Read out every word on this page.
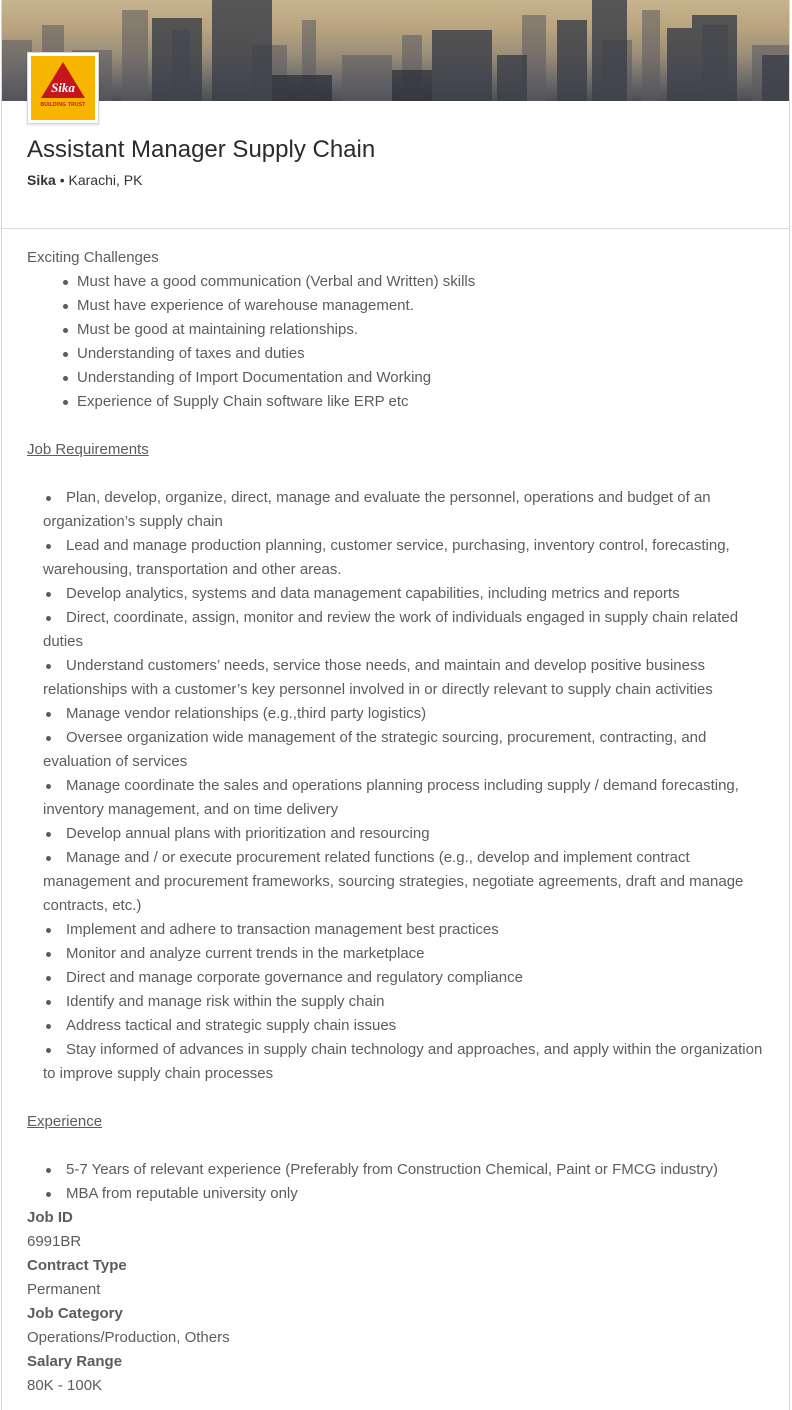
Sika
BUILDING TRUST
Assistant Manager Supply Chain
Sika • Karachi, PK
Exciting Challenges
Must have a good communication (Verbal and Written) skills
Must have experience of warehouse management.
Must be good at maintaining relationships.
Understanding of taxes and duties
Understanding of Import Documentation and Working
Experience of Supply Chain software like ERP etc
Job Requirements
Plan, develop, organize, direct, manage and evaluate the personnel, operations and budget of an organization’s supply chain
Lead and manage production planning, customer service, purchasing, inventory control, forecasting, warehousing, transportation and other areas.
Develop analytics, systems and data management capabilities, including metrics and reports
Direct, coordinate, assign, monitor and review the work of individuals engaged in supply chain related duties
Understand customers’ needs, service those needs, and maintain and develop positive business relationships with a customer’s key personnel involved in or directly relevant to supply chain activities
Manage vendor relationships (e.g.,third party logistics)
Oversee organization wide management of the strategic sourcing, procurement, contracting, and evaluation of services
Manage coordinate the sales and operations planning process including supply / demand forecasting, inventory management, and on time delivery
Develop annual plans with prioritization and resourcing
Manage and / or execute procurement related functions (e.g., develop and implement contract management and procurement frameworks, sourcing strategies, negotiate agreements, draft and manage contracts, etc.)
Implement and adhere to transaction management best practices
Monitor and analyze current trends in the marketplace
Direct and manage corporate governance and regulatory compliance
Identify and manage risk within the supply chain
Address tactical and strategic supply chain issues
Stay informed of advances in supply chain technology and approaches, and apply within the organization to improve supply chain processes
Experience
5-7 Years of relevant experience (Preferably from Construction Chemical, Paint or FMCG industry)
MBA from reputable university only
Job ID
6991BR
Contract Type
Permanent
Job Category
Operations/Production, Others
Salary Range
80K - 100K
